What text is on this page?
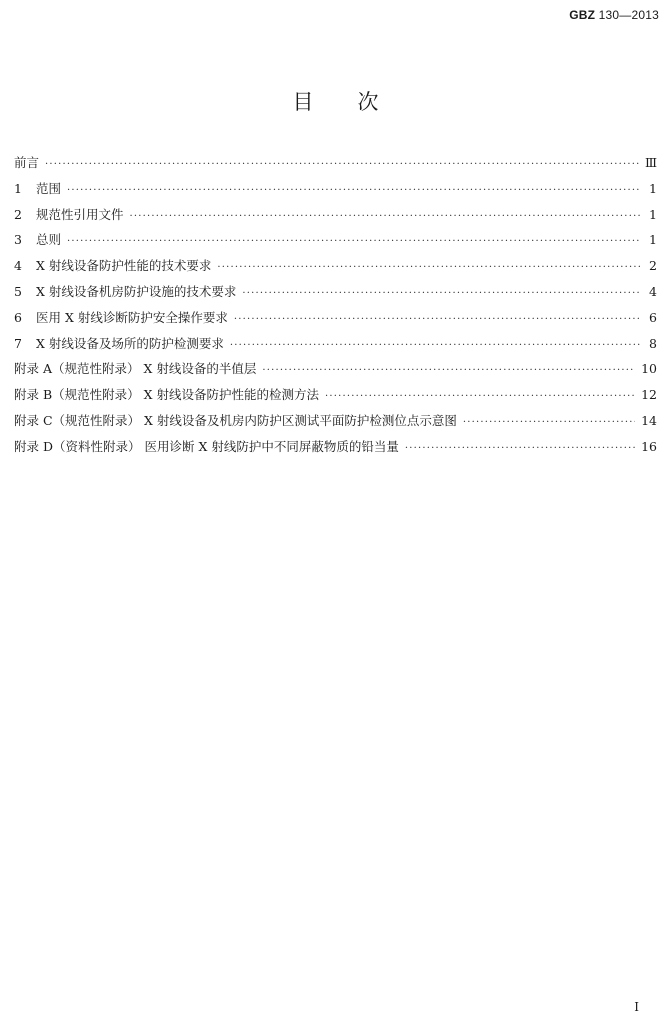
GBZ 130—2013
目次
前言 ·····	Ⅲ
1	范围 ·····	1
2	规范性引用文件 ·····	1
3	总则 ·····	1
4	X 射线设备防护性能的技术要求 ·····	2
5	X 射线设备机房防护设施的技术要求 ·····	4
6	医用 X 射线诊断防护安全操作要求 ·····	6
7	X 射线设备及场所的防护检测要求 ·····	8
附录 A（规范性附录） X 射线设备的半值层 ·····	10
附录 B（规范性附录） X 射线设备防护性能的检测方法 ·····	12
附录 C（规范性附录） X 射线设备及机房内防护区测试平面防护检测位点示意图 ·····	14
附录 D（资料性附录） 医用诊断 X 射线防护中不同屏蔽物质的铅当量 ·····	16
Ⅰ
